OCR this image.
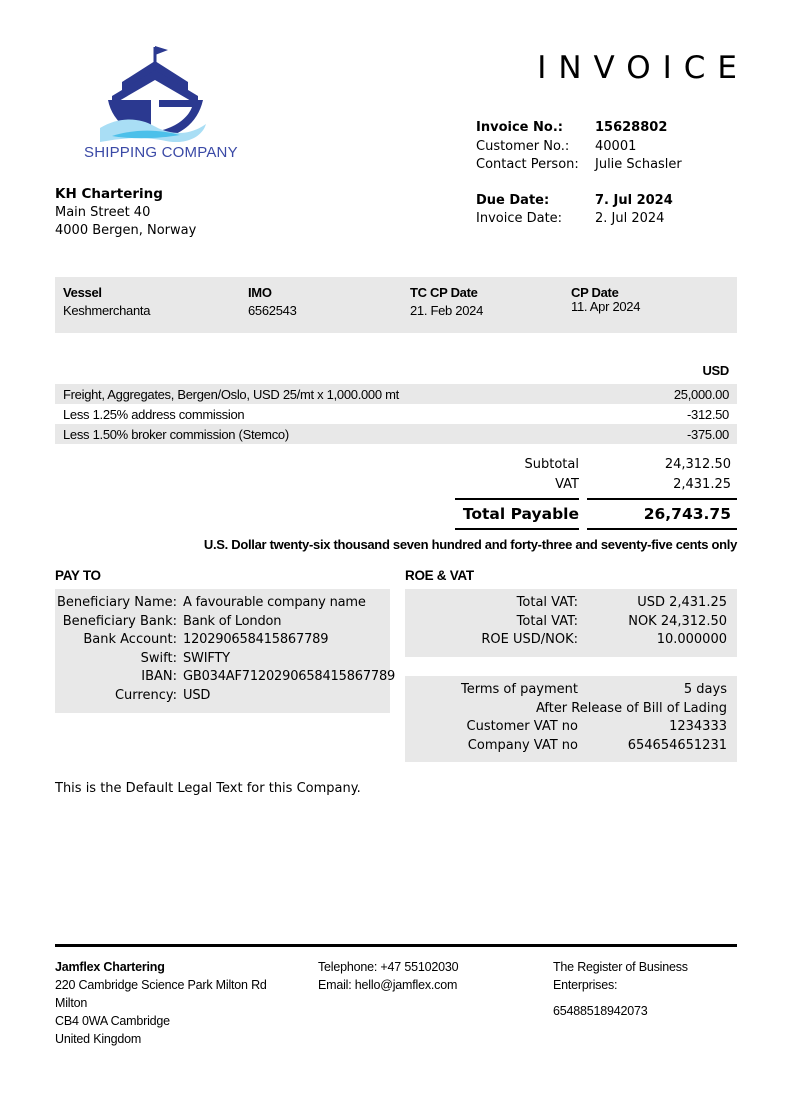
SHIPPING COMPANY
INVOICE
Invoice No.:	15628802
Customer No.:	40001
Contact Person:	Julie Schasler
Due Date:	7. Jul 2024
Invoice Date:	2. Jul 2024
KH Chartering
Main Street 40
4000 Bergen, Norway
Vessel	IMO	TC CP Date	CP Date
Keshmerchanta	6562543	21. Feb 2024	11. Apr 2024
USD
Freight, Aggregates, Bergen/Oslo, USD 25/mt x 1,000.000 mt	25,000.00
Less 1.25% address commission	-312.50
Less 1.50% broker commission (Stemco)	-375.00
Subtotal	24,312.50
VAT	2,431.25
Total Payable	26,743.75
U.S. Dollar twenty-six thousand seven hundred and forty-three and seventy-five cents only
PAY TO
Beneficiary Name: A favourable company name
Beneficiary Bank: Bank of London
Bank Account: 120290658415867789
Swift: SWIFTY
IBAN: GB034AF7120290658415867789
Currency: USD
ROE & VAT
Total VAT:	USD 2,431.25
Total VAT:	NOK 24,312.50
ROE USD/NOK:	10.000000
Terms of payment	5 days
After Release of Bill of Lading
Customer VAT no	1234333
Company VAT no	654654651231
This is the Default Legal Text for this Company.
Jamflex Chartering
220 Cambridge Science Park Milton Rd
Milton
CB4 0WA Cambridge
United Kingdom
Telephone: +47 55102030
Email: hello@jamflex.com
The Register of Business Enterprises:
65488518942073
